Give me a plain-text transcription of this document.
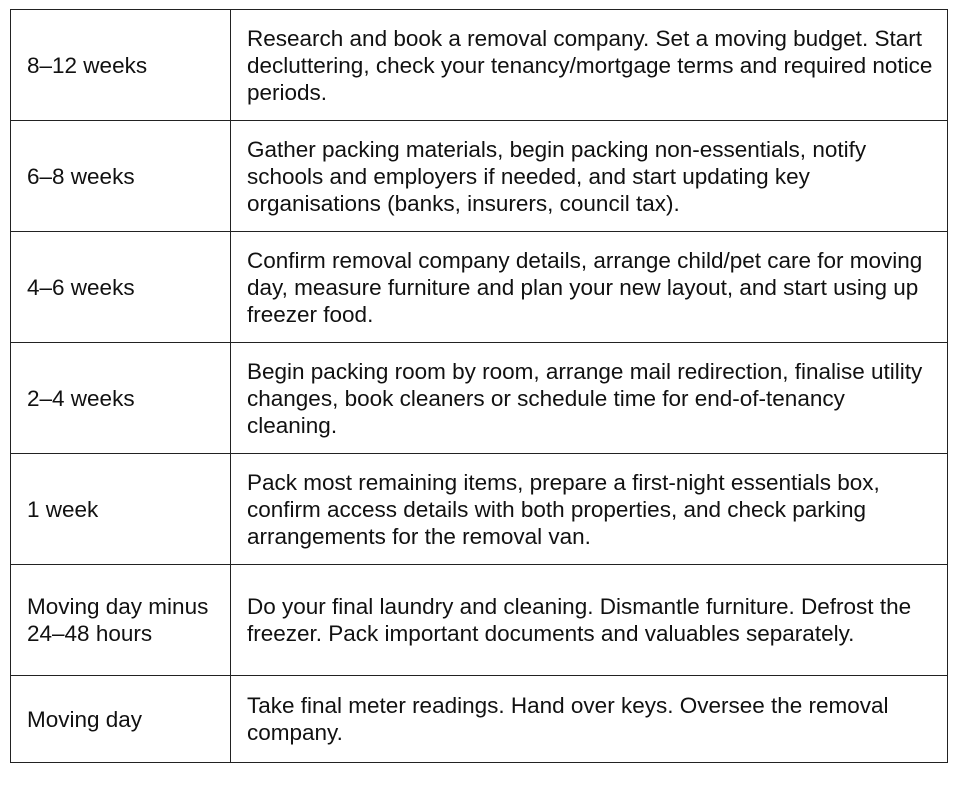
8–12 weeks	Research and book a removal company. Set a moving budget. Start decluttering, check your tenancy/mortgage terms and required notice periods.
6–8 weeks	Gather packing materials, begin packing non-essentials, notify schools and employers if needed, and start updating key organisations (banks, insurers, council tax).
4–6 weeks	Confirm removal company details, arrange child/pet care for moving day, measure furniture and plan your new layout, and start using up freezer food.
2–4 weeks	Begin packing room by room, arrange mail redirection, finalise utility changes, book cleaners or schedule time for end-of-tenancy cleaning.
1 week	Pack most remaining items, prepare a first-night essentials box, confirm access details with both properties, and check parking arrangements for the removal van.
Moving day minus 24–48 hours	Do your final laundry and cleaning. Dismantle furniture. Defrost the freezer. Pack important documents and valuables separately.
Moving day	Take final meter readings. Hand over keys. Oversee the removal company.
